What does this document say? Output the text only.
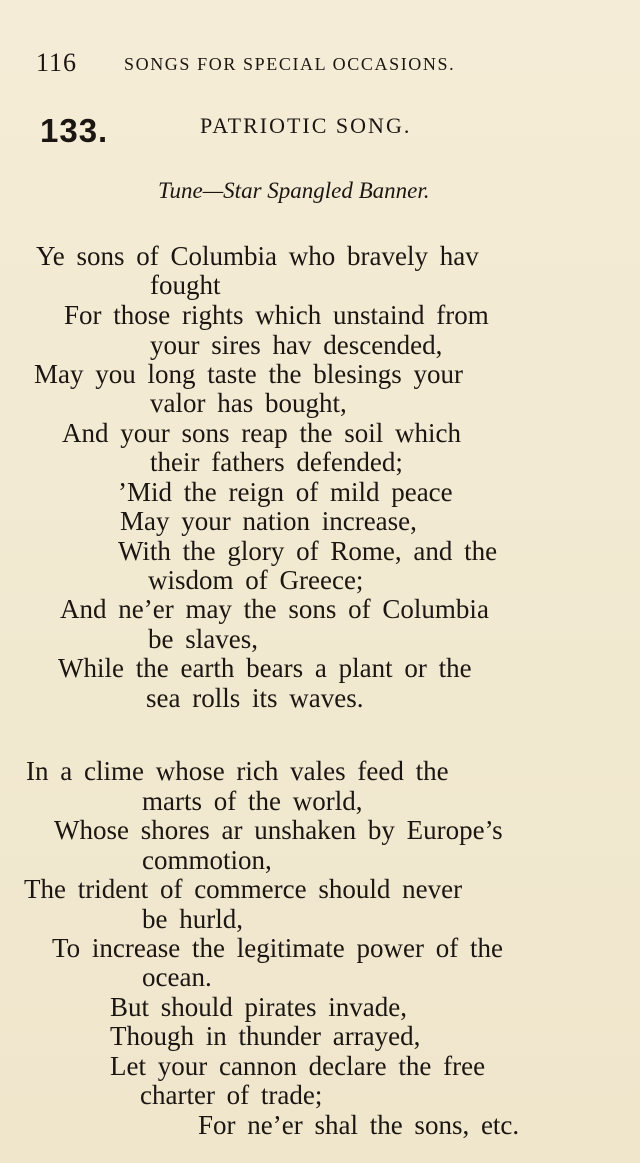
116	SONGS FOR SPECIAL OCCASIONS.
133.	PATRIOTIC SONG.
Tune—Star Spangled Banner.
Ye sons of Columbia who bravely hav
fought
For those rights which unstaind from
your sires hav descended,
May you long taste the blesings your
valor has bought,
And your sons reap the soil which
their fathers defended;
’Mid the reign of mild peace
May your nation increase,
With the glory of Rome, and the
wisdom of Greece;
And ne’er may the sons of Columbia
be slaves,
While the earth bears a plant or the
sea rolls its waves.
In a clime whose rich vales feed the
marts of the world,
Whose shores ar unshaken by Europe’s
commotion,
The trident of commerce should never
be hurld,
To increase the legitimate power of the
ocean.
But should pirates invade,
Though in thunder arrayed,
Let your cannon declare the free
charter of trade;
For ne’er shal the sons, etc.
